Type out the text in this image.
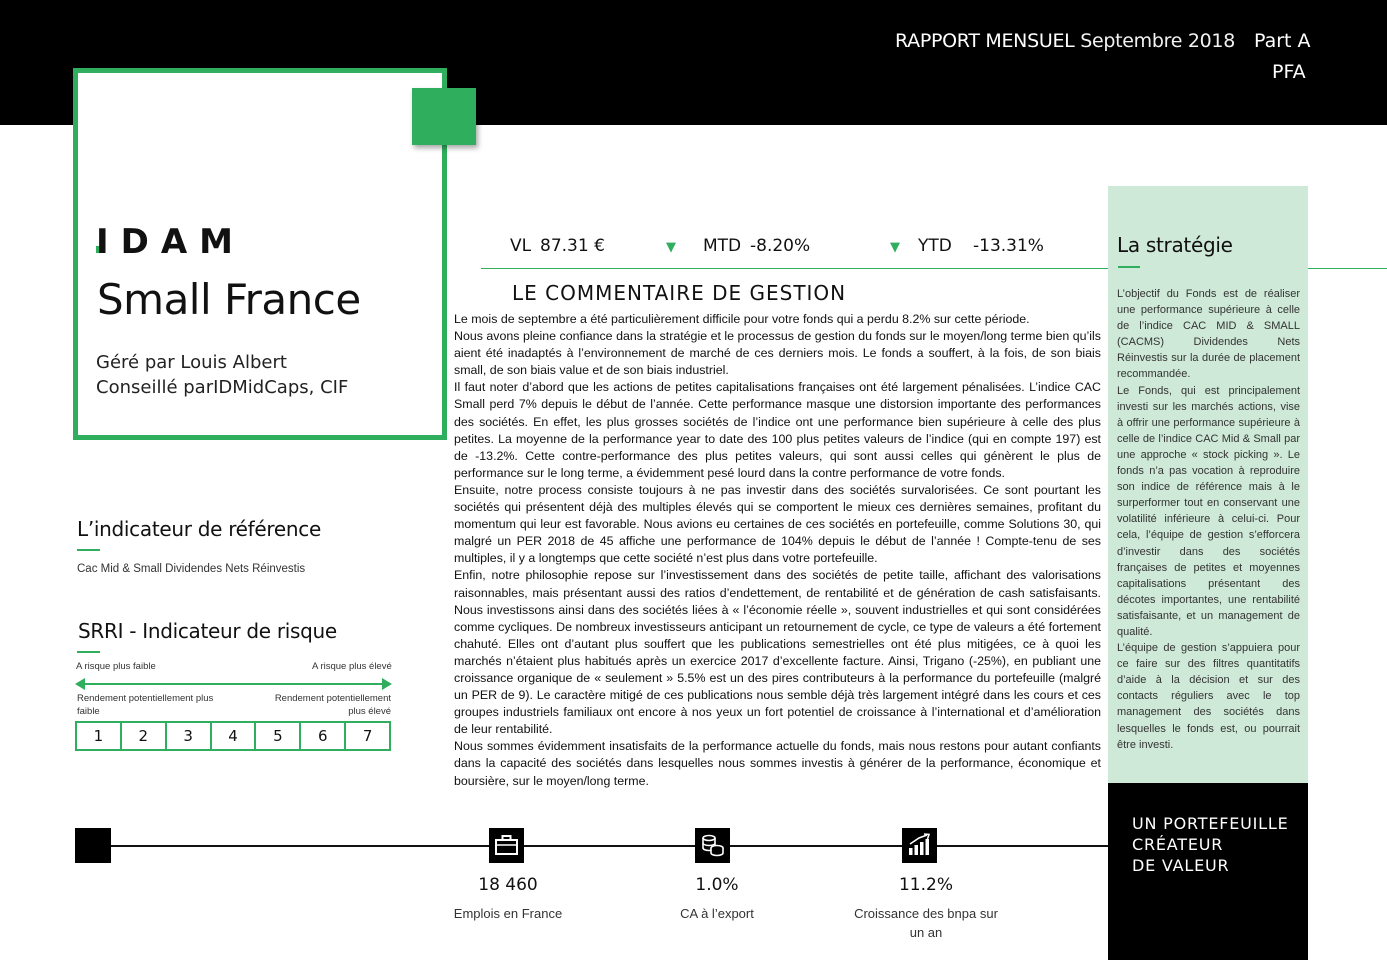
RAPPORT MENSUEL Septembre 2018 Part A
PFA
IDAM
Small France
Géré par Louis Albert
Conseillé parIDMidCaps, CIF
VL 87.31 €	▼ MTD -8.20%	▼ YTD -13.31%
LE COMMENTAIRE DE GESTION

Le mois de septembre a été particulièrement difficile pour votre fonds qui a perdu 8.2% sur cette période.

Nous avons pleine confiance dans la stratégie et le processus de gestion du fonds sur le moyen/long terme bien qu’ils aient été inadaptés à l’environnement de marché de ces derniers mois. Le fonds a souffert, à la fois, de son biais small, de son biais value et de son biais industriel.

Il faut noter d’abord que les actions de petites capitalisations françaises ont été largement pénalisées. L’indice CAC Small perd 7% depuis le début de l’année. Cette performance masque une distorsion importante des performances des sociétés. En effet, les plus grosses sociétés de l’indice ont une performance bien supérieure à celle des plus petites. La moyenne de la performance year to date des 100 plus petites valeurs de l’indice (qui en compte 197) est de -13.2%. Cette contre-performance des plus petites valeurs, qui sont aussi celles qui génèrent le plus de performance sur le long terme, a évidemment pesé lourd dans la contre performance de votre fonds.

Ensuite, notre process consiste toujours à ne pas investir dans des sociétés survalorisées. Ce sont pourtant les sociétés qui présentent déjà des multiples élevés qui se comportent le mieux ces dernières semaines, profitant du momentum qui leur est favorable. Nous avions eu certaines de ces sociétés en portefeuille, comme Solutions 30, qui malgré un PER 2018 de 45 affiche une performance de 104% depuis le début de l’année ! Compte-tenu de ses multiples, il y a longtemps que cette société n’est plus dans votre portefeuille.

Enfin, notre philosophie repose sur l’investissement dans des sociétés de petite taille, affichant des valorisations raisonnables, mais présentant aussi des ratios d’endettement, de rentabilité et de génération de cash satisfaisants. Nous investissons ainsi dans des sociétés liées à « l’économie réelle », souvent industrielles et qui sont considérées comme cycliques. De nombreux investisseurs anticipant un retournement de cycle, ce type de valeurs a été fortement chahuté. Elles ont d’autant plus souffert que les publications semestrielles ont été plus mitigées, ce à quoi les marchés n’étaient plus habitués après un exercice 2017 d’excellente facture. Ainsi, Trigano (-25%), en publiant une croissance organique de « seulement » 5.5% est un des pires contributeurs à la performance du portefeuille (malgré un PER de 9). Le caractère mitigé de ces publications nous semble déjà très largement intégré dans les cours et ces groupes industriels familiaux ont encore à nos yeux un fort potentiel de croissance à l’international et d’amélioration de leur rentabilité.

Nous sommes évidemment insatisfaits de la performance actuelle du fonds, mais nous restons pour autant confiants dans la capacité des sociétés dans lesquelles nous sommes investis à générer de la performance, économique et boursière, sur le moyen/long terme.

La stratégie

L’objectif du Fonds est de réaliser une performance supérieure à celle de l’indice CAC MID & SMALL (CACMS) Dividendes Nets Réinvestis sur la durée de placement recommandée.

Le Fonds, qui est principalement investi sur les marchés actions, vise à offrir une performance supérieure à celle de l’indice CAC Mid & Small par une approche « stock picking ». Le fonds n’a pas vocation à reproduire son indice de référence mais à le surperformer tout en conservant une volatilité inférieure à celui-ci. Pour cela, l’équipe de gestion s’efforcera d’investir dans des sociétés françaises de petites et moyennes capitalisations présentant des décotes importantes, une rentabilité satisfaisante, et un management de qualité.

L’équipe de gestion s’appuiera pour ce faire sur des filtres quantitatifs d’aide à la décision et sur des contacts réguliers avec le top management des sociétés dans lesquelles le fonds est, ou pourrait être investi.

UN PORTEFEUILLE
CRÉATEUR
DE VALEUR
L’indicateur de référence
Cac Mid & Small Dividendes Nets Réinvestis
SRRI - Indicateur de risque
A risque plus faible	A risque plus élevé
Rendement potentiellement plus faible
Rendement potentiellement plus élevé
1	2	3	4	5	6	7
18 460
Emplois en France
1.0%
CA à l’export
11.2%
Croissance des bnpa sur un an
